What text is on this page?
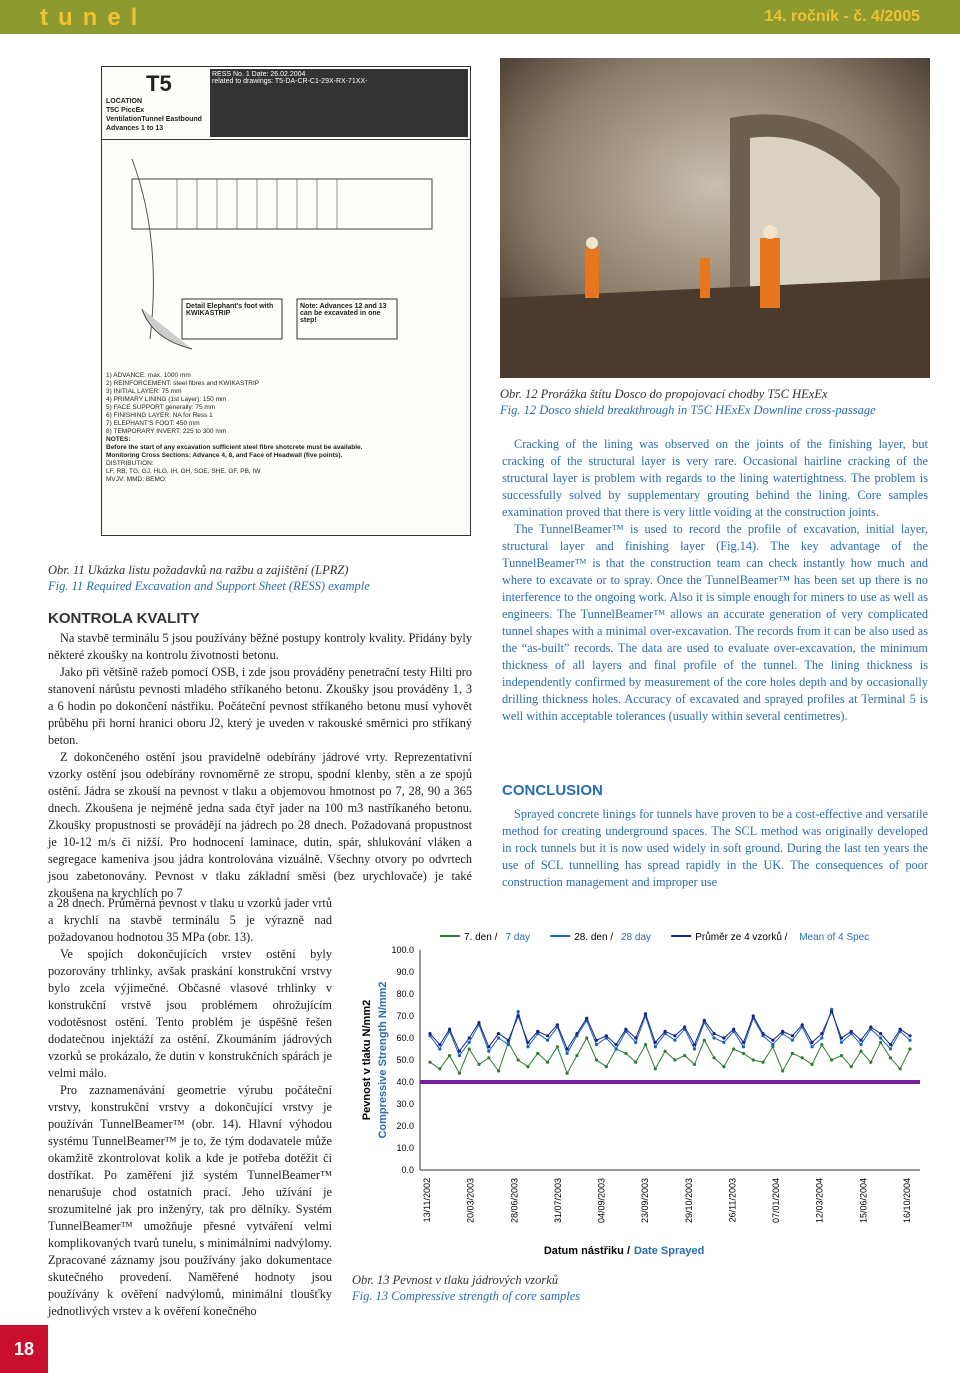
tunel	14. ročník - č. 4/2005
T5	RESS No. 1 Date: 26.02.2004
related to drawings: T5-DA-CR-C1-29X-RX-71XX-
LOCATION
T5C PiccEx
VentilationTunnel Eastbound
Advances 1 to 13
Detail Elephant's foot with KWIKASTRIP
Note: Advances 12 and 13 can be excavated in one step!
1) ADVANCE: max. 1000 mm
2) REINFORCEMENT: steel fibres and KWIKASTRIP
3) INITIAL LAYER: 75 mm
4) PRIMARY LINING (1st Layer): 150 mm
5) FACE SUPPORT generally: 75 mm
6) FINISHING LAYER: NA for Ress 1
7) ELEPHANT'S FOOT: 450 mm
8) TEMPORARY INVERT: 225 to 300 mm
NOTES:
Before the start of any excavation sufficient steel fibre shotcrete must be available.
Monitoring Cross Sections: Advance 4, 8, and Face of Headwall (five points).
DISTRIBUTION:
LF, RB, TG, GJ, HLG, IH, GH, SOE, SHE, GF, PB, IW
MVJV: MMD: BEMO:
Obr. 12 Prorážka štítu Dosco do propojovací chodby T5C HExEx
Fig. 12 Dosco shield breakthrough in T5C HExEx Downline cross-passage
Obr. 11 Ukázka listu požadavků na ražbu a zajištění (LPRZ)
Fig. 11 Required Excavation and Support Sheet (RESS) example
KONTROLA KVALITY

Na stavbě terminálu 5 jsou používány běžné postupy kontroly kvality. Přidány byly některé zkoušky na kontrolu životnosti betonu.

Jako při většině ražeb pomocí OSB, i zde jsou prováděny penetrační testy Hilti pro stanovení nárůstu pevnosti mladého stříkaného betonu. Zkoušky jsou prováděny 1, 3 a 6 hodin po dokončení nástřiku. Počáteční pevnost stříkaného betonu musí vyhovět průběhu při horní hranici oboru J2, který je uveden v rakouské směrnici pro stříkaný beton.

Z dokončeného ostění jsou pravidelně odebírány jádrové vrty. Reprezentativní vzorky ostění jsou odebírány rovnoměrně ze stropu, spodní klenby, stěn a ze spojů ostění. Jádra se zkouší na pevnost v tlaku a objemovou hmotnost po 7, 28, 90 a 365 dnech. Zkoušena je nejméně jedna sada čtyř jader na 100 m3 nastříkaného betonu. Zkoušky propustnosti se provádějí na jádrech po 28 dnech. Požadovaná propustnost je 10-12 m/s či nižší. Pro hodnocení laminace, dutin, spár, shlukování vláken a segregace kameniva jsou jádra kontrolována vizuálně. Všechny otvory po odvrtech jsou zabetonovány. Pevnost v tlaku základní směsi (bez urychlovače) je také zkoušena na krychlích po 7

a 28 dnech. Průměrná pevnost v tlaku u vzorků jader vrtů a krychlí na stavbě terminálu 5 je výrazně nad požadovanou hodnotou 35 MPa (obr. 13).

Ve spojích dokončujících vrstev ostění byly pozorovány trhlinky, avšak praskání konstrukční vrstvy bylo zcela výjimečné. Občasné vlasové trhlinky v konstrukční vrstvě jsou problémem ohrožujícím vodotěsnost ostění. Tento problém je úspěšně řešen dodatečnou injektáží za ostění. Zkoumáním jádrových vzorků se prokázalo, že dutin v konstrukčních spárách je velmi málo.

Pro zaznamenávání geometrie výrubu počáteční vrstvy, konstrukční vrstvy a dokončující vrstvy je používán TunnelBeamer™ (obr. 14). Hlavní výhodou systému TunnelBeamer™ je to, že tým dodavatele může okamžitě zkontrolovat kolik a kde je potřeba dotěžit či dostříkat. Po zaměření již systém TunnelBeamer™ nenarušuje chod ostatních prací. Jeho užívání je srozumitelné jak pro inženýry, tak pro dělníky. Systém TunnelBeamer™ umožňuje přesné vytváření velmi komplikovaných tvarů tunelu, s minimálními nadvýlomy. Zpracované záznamy jsou používány jako dokumentace skutečného provedení. Naměřené hodnoty jsou používány k ověření nadvýlomů, minimální tloušťky jednotlivých vrstev a k ověření konečného

Cracking of the lining was observed on the joints of the finishing layer, but cracking of the structural layer is very rare. Occasional hairline cracking of the structural layer is problem with regards to the lining watertightness. The problem is successfully solved by supplementary grouting behind the lining. Core samples examination proved that there is very little voiding at the construction joints.

The TunnelBeamer™ is used to record the profile of excavation, initial layer, structural layer and finishing layer (Fig.14). The key advantage of the TunnelBeamer™ is that the construction team can check instantly how much and where to excavate or to spray. Once the TunnelBeamer™ has been set up there is no interference to the ongoing work. Also it is simple enough for miners to use as well as engineers. The TunnelBeamer™ allows an accurate generation of very complicated tunnel shapes with a minimal over-excavation. The records from it can be also used as the “as-built” records. The data are used to evaluate over-excavation, the minimum thickness of all layers and final profile of the tunnel. The lining thickness is independently confirmed by measurement of the core holes depth and by occasionally drilling thickness holes. Accuracy of excavated and sprayed profiles at Terminal 5 is well within acceptable tolerances (usually within several centimetres).

CONCLUSION

Sprayed concrete linings for tunnels have proven to be a cost-effective and versatile method for creating underground spaces. The SCL method was originally developed in rock tunnels but it is now used widely in soft ground. During the last ten years the use of SCL tunnelling has spread rapidly in the UK. The consequences of poor construction management and improper use

0.0
10.0
20.0
30.0
40.0
50.0
60.0
70.0
80.0
90.0
100.0
13/11/2002	20/03/2003	28/06/2003	31/07/2003	04/09/2003	23/09/2003	29/10/2003	26/11/2003	07/01/2004	12/03/2004	15/06/2004	16/10/2004
7. den / 7 day	28. den / 28 day	Průměr ze 4 vzorků / Mean of 4 Spec
Pevnost v tlaku N/mm2 Compressive Strength N/mm2
Datum nástřiku / Date Sprayed
Obr. 13 Pevnost v tlaku jádrových vzorků
Fig. 13 Compressive strength of core samples
18
